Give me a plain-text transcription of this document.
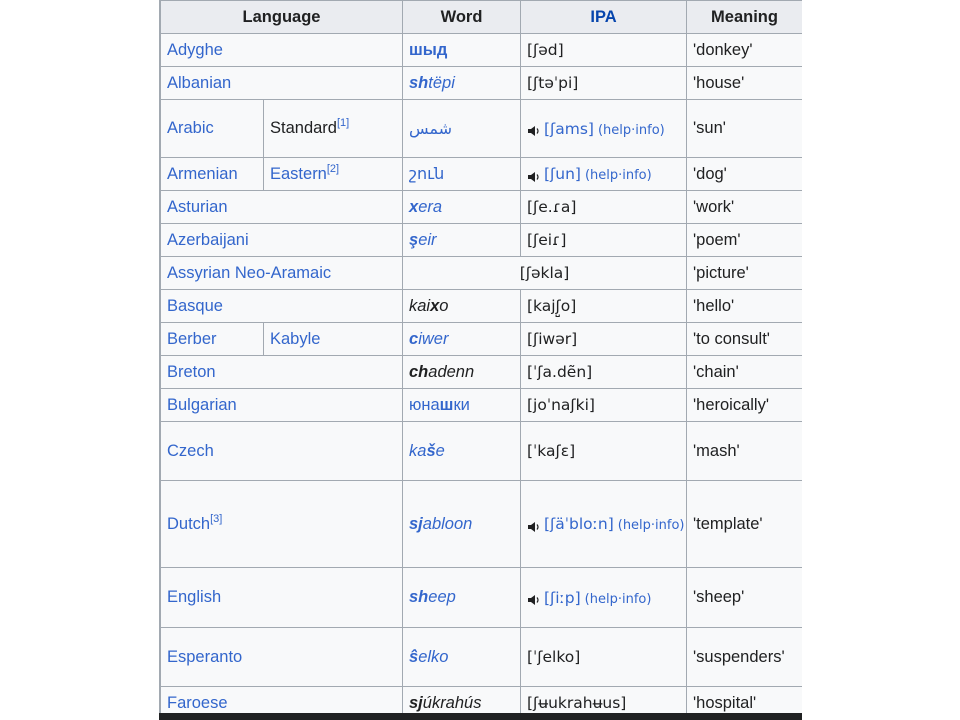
Language		Word	IPA	Meaning
Adyghe		шыд	[ʃəd]	'donkey'
Albanian		shtëpi	[ʃtəˈpi]	'house'
Arabic	Standard[1]	شمس	[ʃams] (help·info)	'sun'
Armenian	Eastern[2]	շուն	[ʃun] (help·info)	'dog'
Asturian		xera	[ʃe.ɾa]	'work'
Azerbaijani		şeir	[ʃeiɾ]	'poem'
Assyrian Neo-Aramaic		[ʃəkla]		'picture'
Basque		kaixo	[kajʃ̺o]	'hello'
Berber	Kabyle	ciwer	[ʃiwər]	'to consult'
Breton		chadenn	[ˈʃa.dẽn]	'chain'
Bulgarian		юнашки	[joˈnaʃki]	'heroically'
Czech		kaše	[ˈkaʃɛ]	'mash'
Dutch[3]		sjabloon	[ʃäˈbloːn] (help·info)	'template'
English		sheep	[ʃiːp] (help·info)	'sheep'
Esperanto		ŝelko	[ˈʃelko]	'suspenders'
Faroese		sjúkrahús	[ʃʉukrahʉus]	'hospital'
